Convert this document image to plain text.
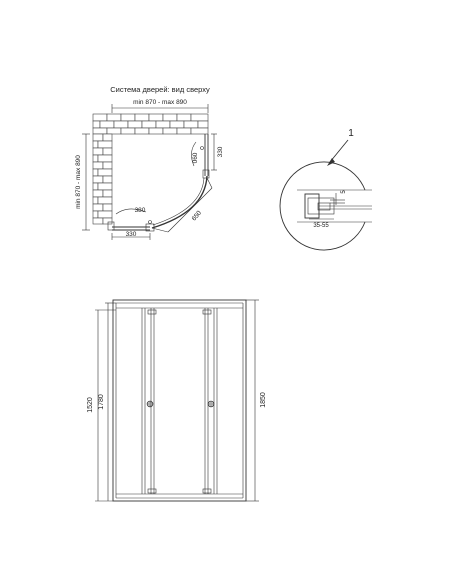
Система дверей: вид сверху
min 870 - max 890
min 870 - max 890	060
380
330
330
650
1
5
35-55
1520 1780	1850
